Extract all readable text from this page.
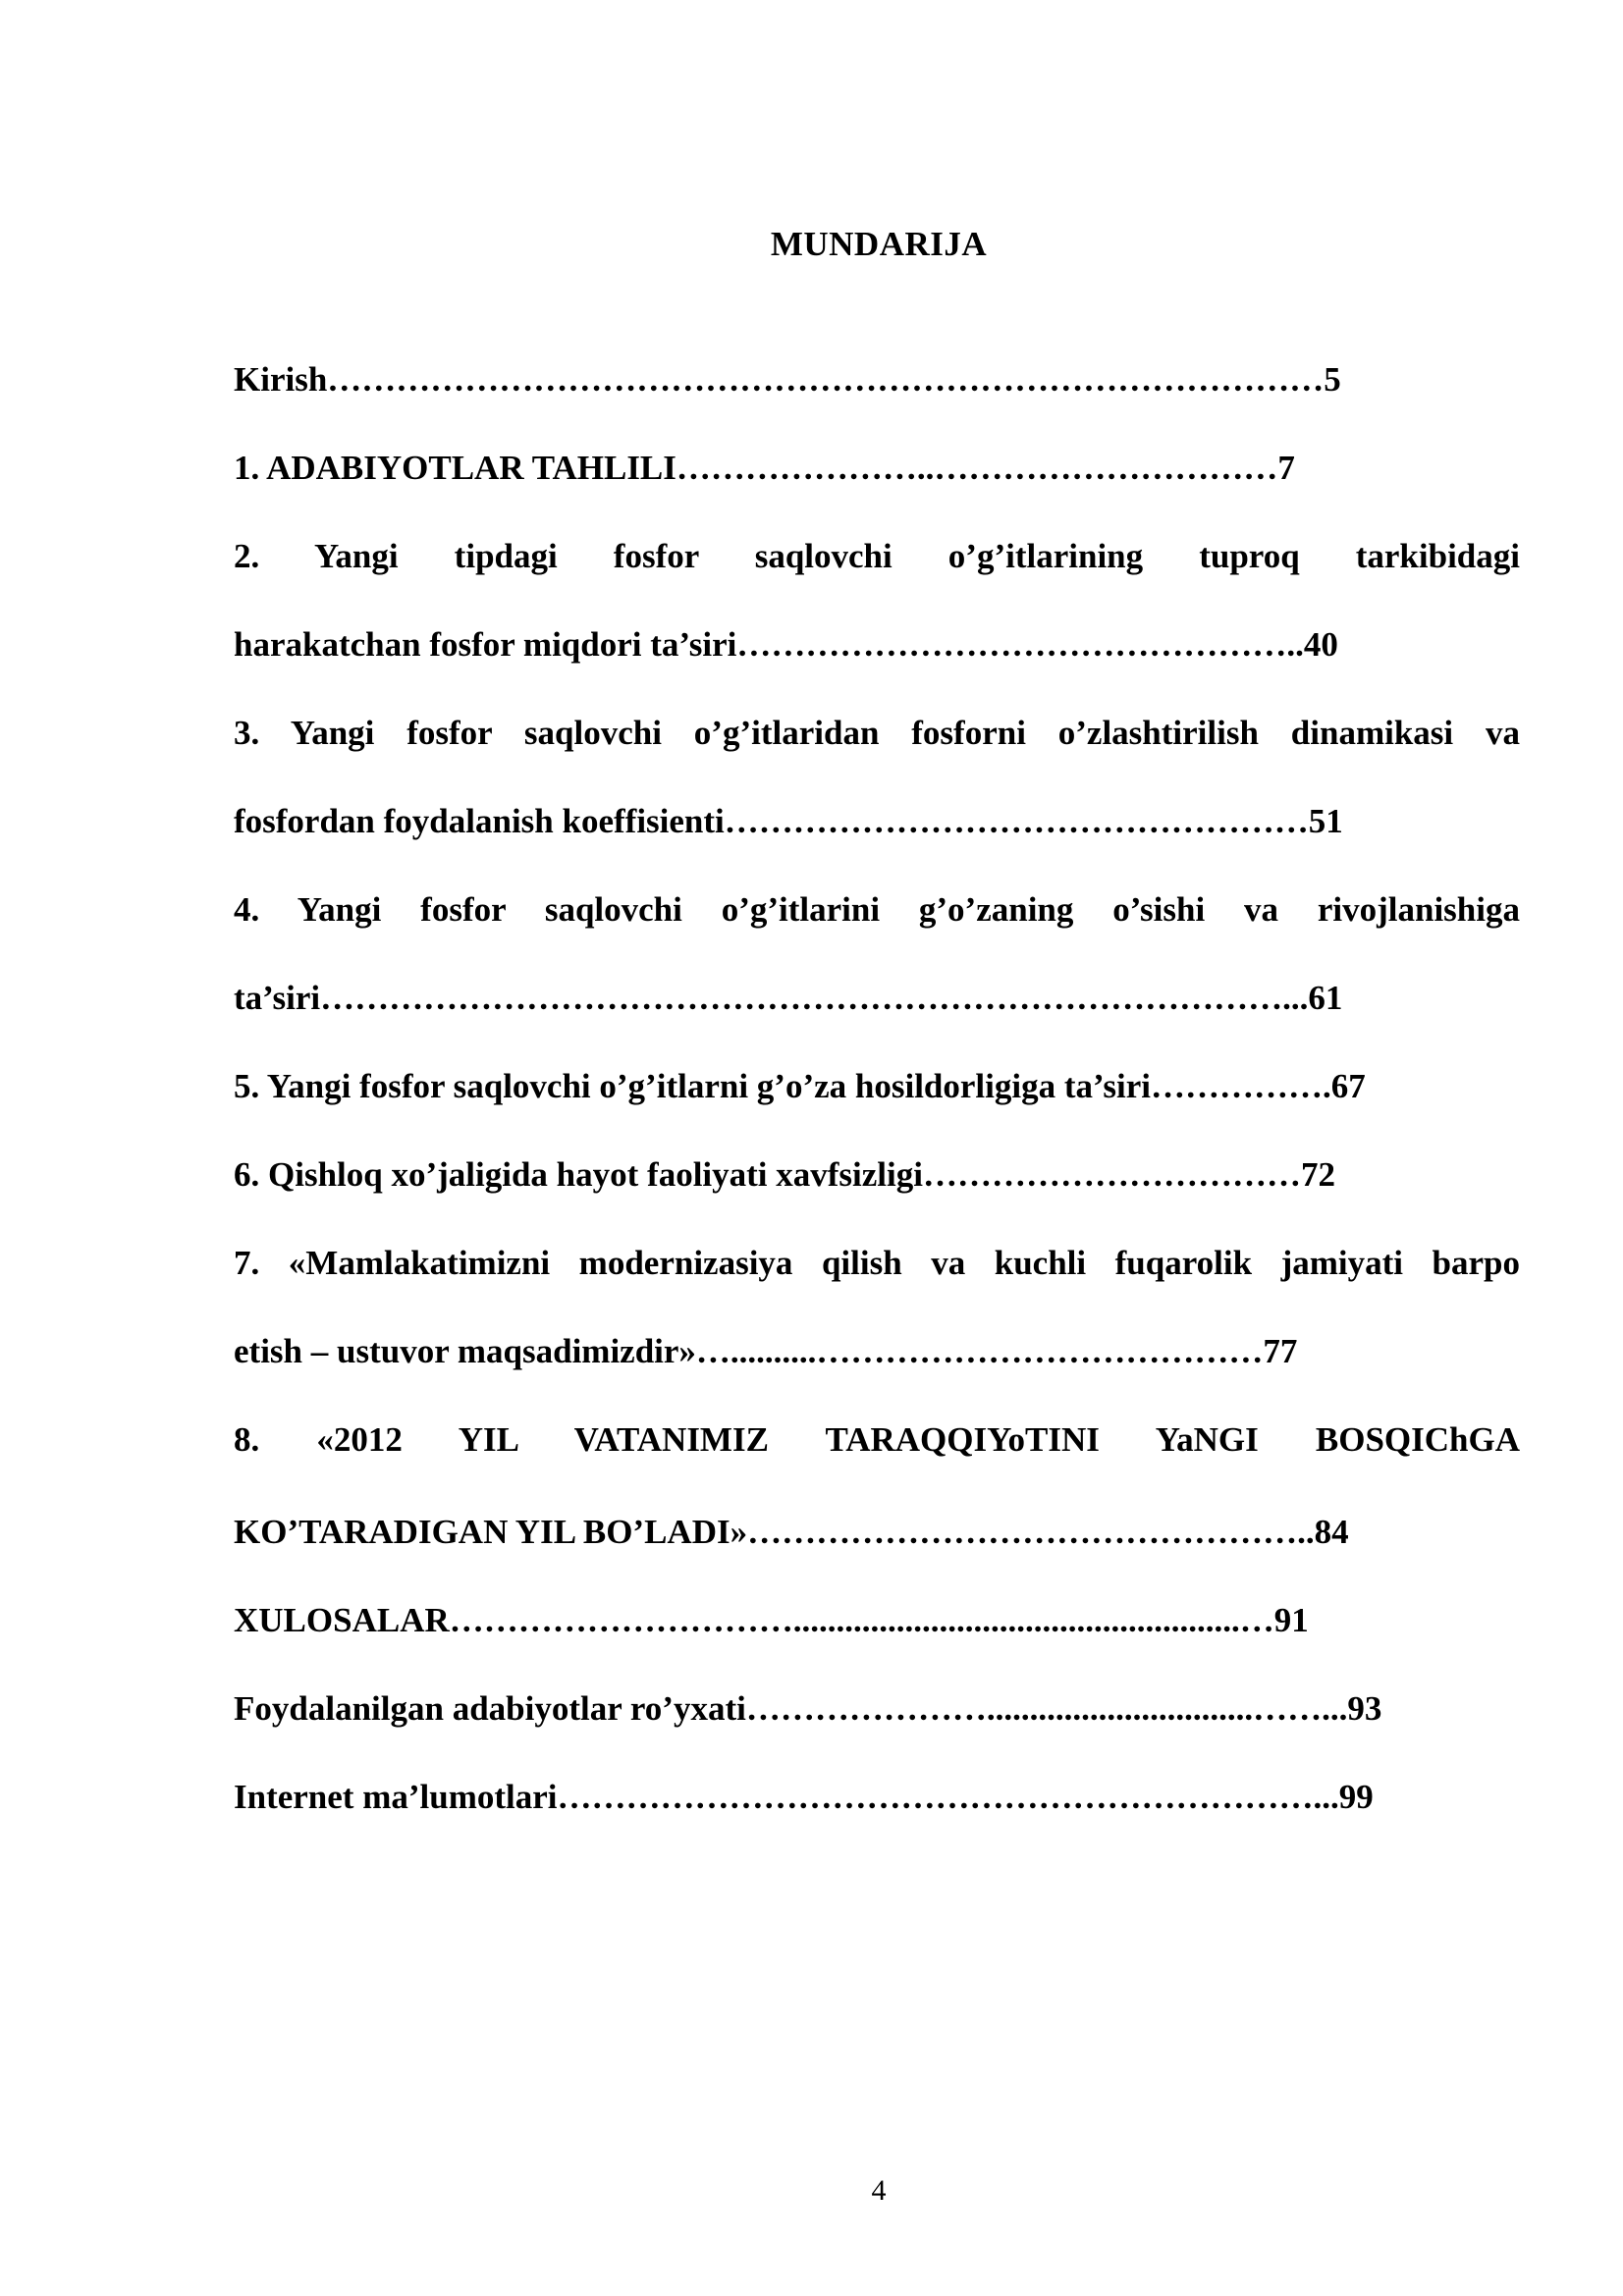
MUNDARIJA
Kirish……………………………………………………………………………5
1. ADABIYOTLAR TAHLILI…………………..…………………………7
2. Yangi tipdagi fosfor saqlovchi o’g’itlarining tuproq tarkibidagi
harakatchan fosfor miqdori ta’siri…………………………………………..40
3. Yangi fosfor saqlovchi o’g’itlaridan fosforni o’zlashtirilish dinamikasi va
fosfordan foydalanish koeffisienti……………………………………………51
4. Yangi fosfor saqlovchi o’g’itlarini g’o’zaning o’sishi va rivojlanishiga
ta’siri…………………………………………………………………………...61
5. Yangi fosfor saqlovchi o’g’itlarni g’o’za hosildorligiga ta’siri…………….67
6. Qishloq xo’jaligida hayot faoliyati xavfsizligi……………………………72
7. «Mamlakatimizni modernizasiya qilish va kuchli fuqarolik jamiyati barpo
etish – ustuvor maqsadimizdir»…..........…………………………………77
8. «2012 YIL VATANIMIZ TARAQQIYoTINI YaNGI BOSQIChGA
KO’TARADIGAN YIL BO’LADI»…………………………………………..84
XULOSALAR…………………………....................................................…91
Foydalanilgan adabiyotlar ro’yxati…………………...............................……...93
Internet ma’lumotlari…………………………………………………………...99
4
